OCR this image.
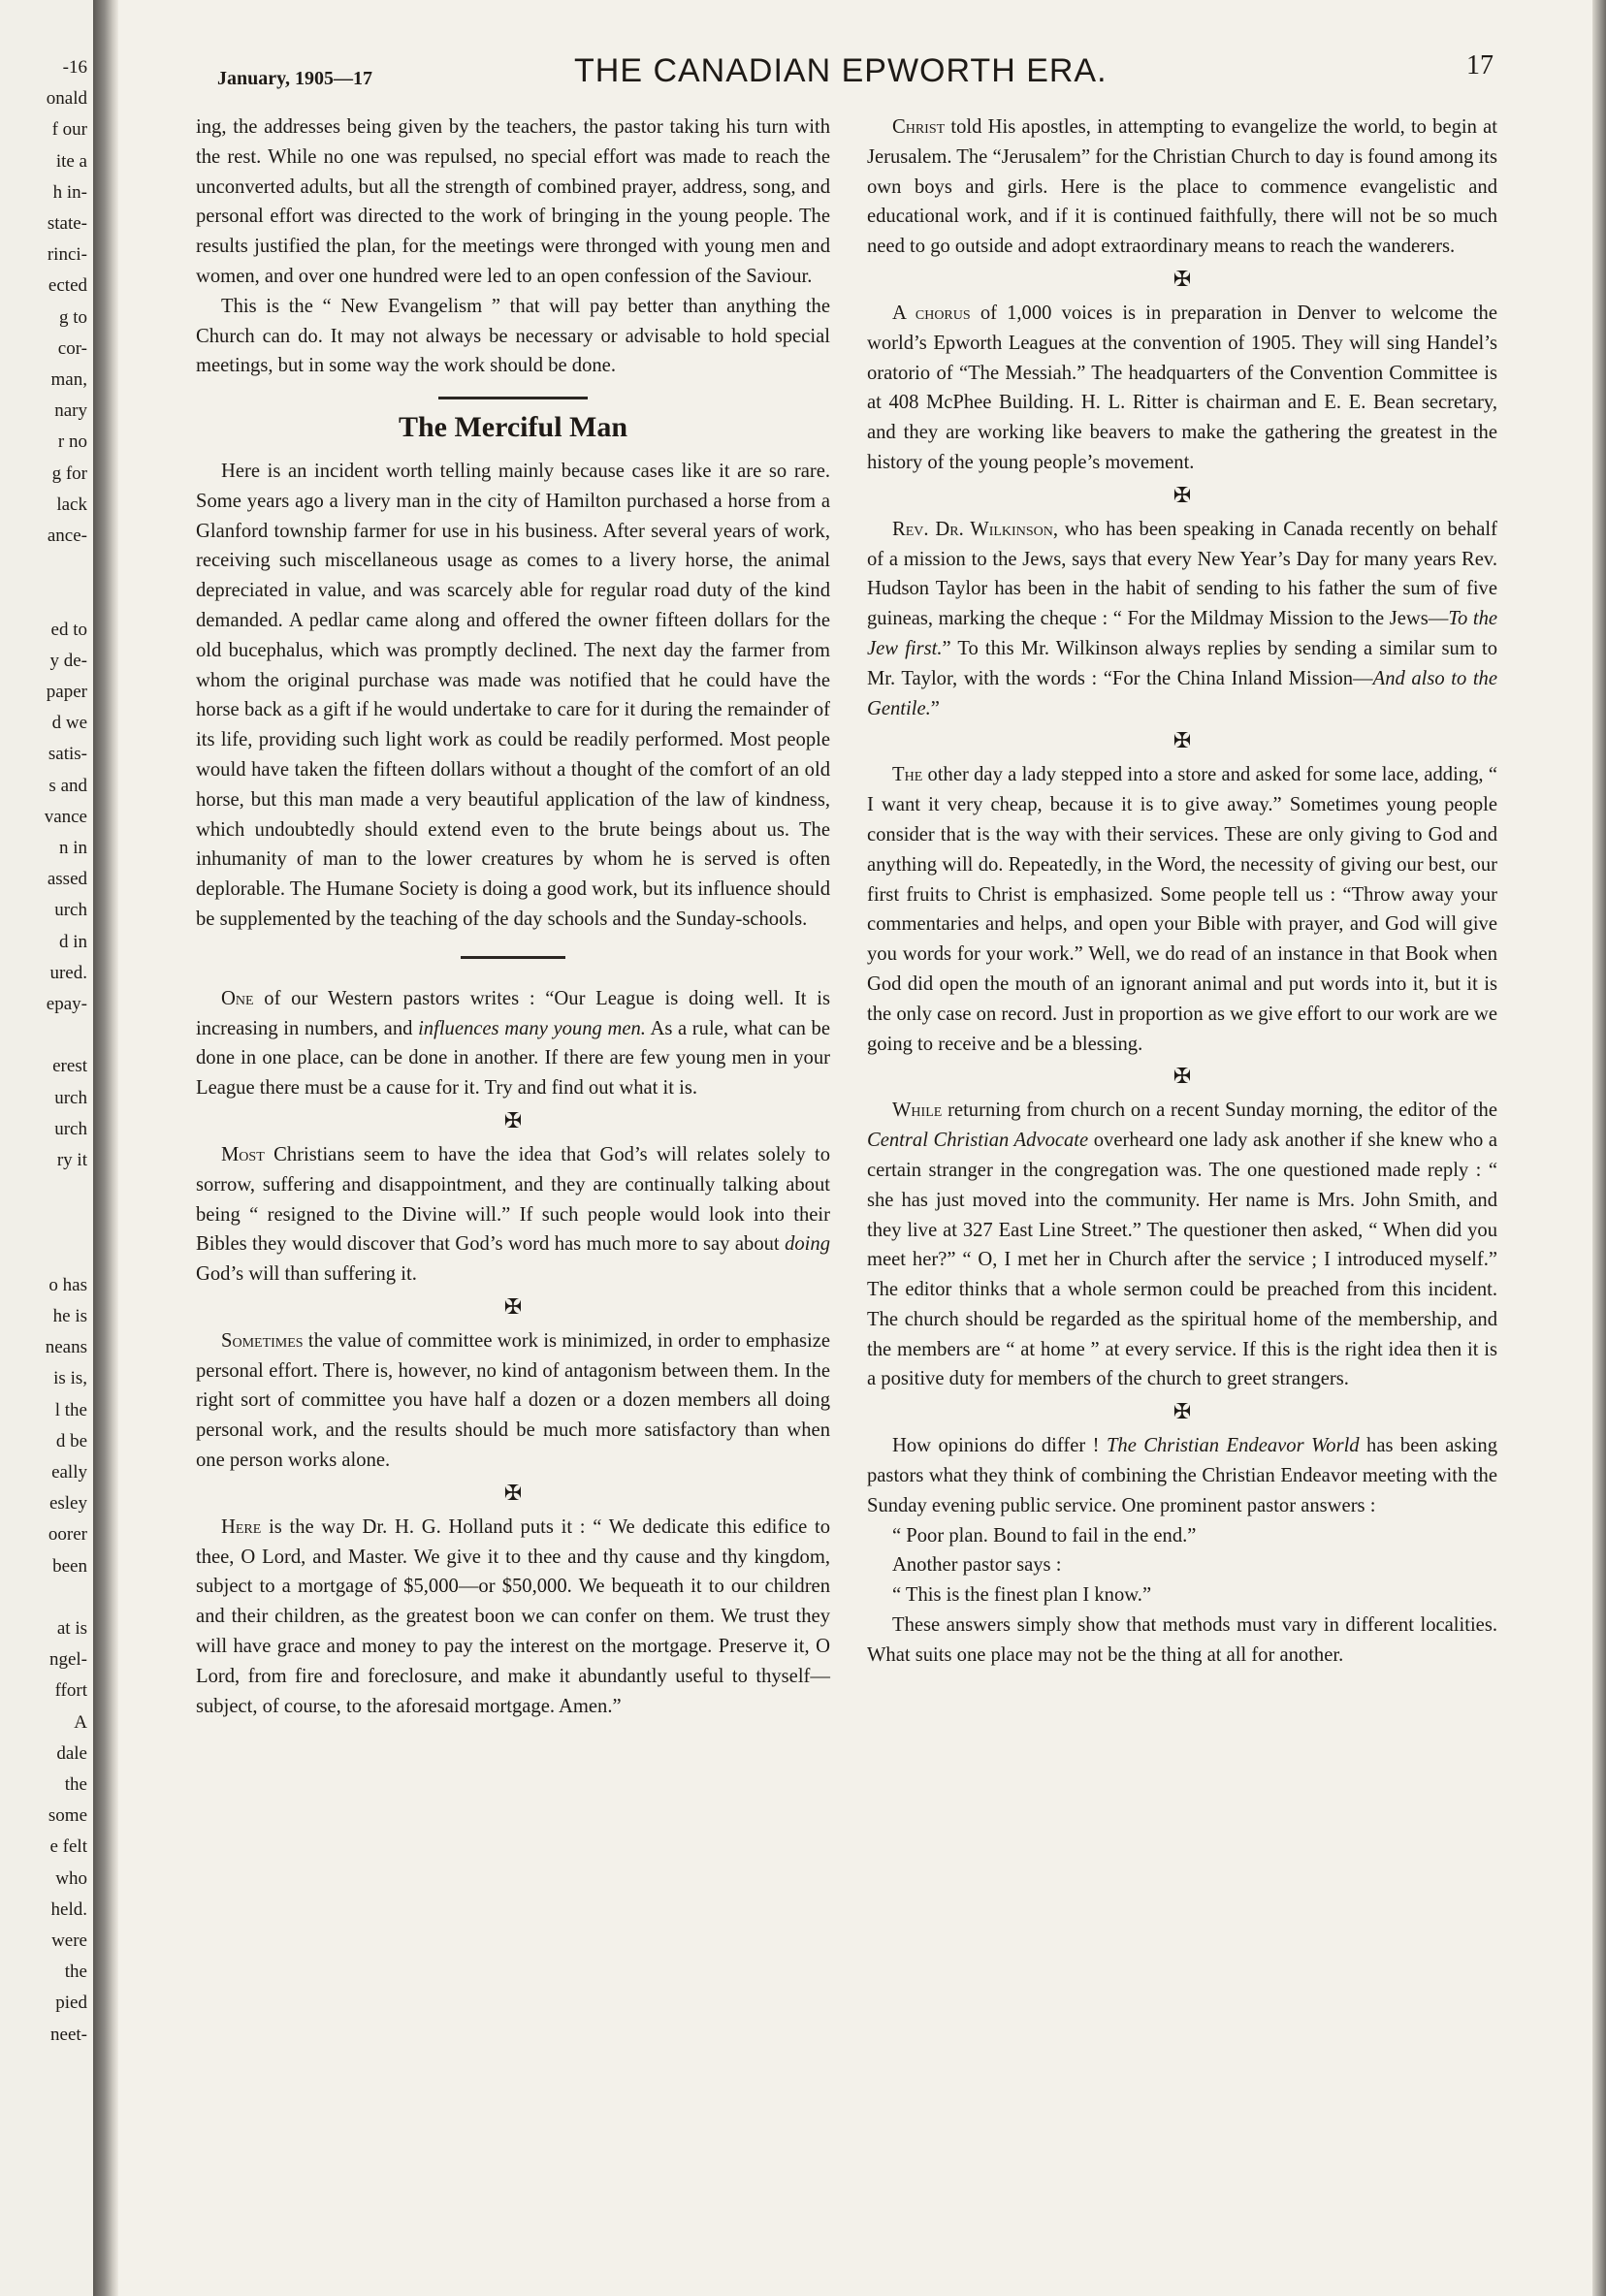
-16
onald
f our
ite a
h in-
state-
rinci-
ected
g to
cor-
man,
nary
r no
g for
lack
ance-
ed to
y de-
paper
d we
satis-
s and
vance
n in
assed
urch
d in
ured.
epay-
erest
urch
urch
ry it
o has
he is
neans
is is,
l the
d be
eally
esley
oorer
been
at is
ngel-
ffort
A
dale
the
some
e felt
who
held.
were
the
pied
neet-
January, 1905—17	THE CANADIAN EPWORTH ERA.	17

ing, the addresses being given by the teachers, the pastor taking his turn with the rest. While no one was repulsed, no special effort was made to reach the unconverted adults, but all the strength of combined prayer, address, song, and personal effort was directed to the work of bringing in the young people. The results justified the plan, for the meetings were thronged with young men and women, and over one hundred were led to an open confession of the Saviour.

This is the “ New Evangelism ” that will pay better than anything the Church can do. It may not always be necessary or advisable to hold special meetings, but in some way the work should be done.

The Merciful Man

Here is an incident worth telling mainly because cases like it are so rare. Some years ago a livery man in the city of Hamilton purchased a horse from a Glanford township farmer for use in his business. After several years of work, receiving such miscellaneous usage as comes to a livery horse, the animal depreciated in value, and was scarcely able for regular road duty of the kind demanded. A pedlar came along and offered the owner fifteen dollars for the old bucephalus, which was promptly declined. The next day the farmer from whom the original purchase was made was notified that he could have the horse back as a gift if he would undertake to care for it during the remainder of its life, providing such light work as could be readily performed. Most people would have taken the fifteen dollars without a thought of the comfort of an old horse, but this man made a very beautiful application of the law of kindness, which undoubtedly should extend even to the brute beings about us. The inhumanity of man to the lower creatures by whom he is served is often deplorable. The Humane Society is doing a good work, but its influence should be supplemented by the teaching of the day schools and the Sunday-schools.

One of our Western pastors writes : “Our League is doing well. It is increasing in numbers, and influences many young men. As a rule, what can be done in one place, can be done in another. If there are few young men in your League there must be a cause for it. Try and find out what it is.

✠

Most Christians seem to have the idea that God’s will relates solely to sorrow, suffering and disappointment, and they are continually talking about being “ resigned to the Divine will.” If such people would look into their Bibles they would discover that God’s word has much more to say about doing God’s will than suffering it.

✠

Sometimes the value of committee work is minimized, in order to emphasize personal effort. There is, however, no kind of antagonism between them. In the right sort of committee you have half a dozen or a dozen members all doing personal work, and the results should be much more satisfactory than when one person works alone.

✠

Here is the way Dr. H. G. Holland puts it : “ We dedicate this edifice to thee, O Lord, and Master. We give it to thee and thy cause and thy kingdom, subject to a mortgage of $5,000—or $50,000. We bequeath it to our children and their children, as the greatest boon we can confer on them. We trust they will have grace and money to pay the interest on the mortgage. Preserve it, O Lord, from fire and foreclosure, and make it abundantly useful to thyself—subject, of course, to the aforesaid mortgage. Amen.”

Christ told His apostles, in attempting to evangelize the world, to begin at Jerusalem. The “Jerusalem” for the Christian Church to day is found among its own boys and girls. Here is the place to commence evangelistic and educational work, and if it is continued faithfully, there will not be so much need to go outside and adopt extraordinary means to reach the wanderers.

✠

A chorus of 1,000 voices is in preparation in Denver to welcome the world’s Epworth Leagues at the convention of 1905. They will sing Handel’s oratorio of “The Messiah.” The headquarters of the Convention Committee is at 408 McPhee Building. H. L. Ritter is chairman and E. E. Bean secretary, and they are working like beavers to make the gathering the greatest in the history of the young people’s movement.

✠

Rev. Dr. Wilkinson, who has been speaking in Canada recently on behalf of a mission to the Jews, says that every New Year’s Day for many years Rev. Hudson Taylor has been in the habit of sending to his father the sum of five guineas, marking the cheque : “ For the Mildmay Mission to the Jews—To the Jew first.” To this Mr. Wilkinson always replies by sending a similar sum to Mr. Taylor, with the words : “For the China Inland Mission—And also to the Gentile.”

✠

The other day a lady stepped into a store and asked for some lace, adding, “ I want it very cheap, because it is to give away.” Sometimes young people consider that is the way with their services. These are only giving to God and anything will do. Repeatedly, in the Word, the necessity of giving our best, our first fruits to Christ is emphasized. Some people tell us : “Throw away your commentaries and helps, and open your Bible with prayer, and God will give you words for your work.” Well, we do read of an instance in that Book when God did open the mouth of an ignorant animal and put words into it, but it is the only case on record. Just in proportion as we give effort to our work are we going to receive and be a blessing.

✠

While returning from church on a recent Sunday morning, the editor of the Central Christian Advocate overheard one lady ask another if she knew who a certain stranger in the congregation was. The one questioned made reply : “ she has just moved into the community. Her name is Mrs. John Smith, and they live at 327 East Line Street.” The questioner then asked, “ When did you meet her?” “ O, I met her in Church after the service ; I introduced myself.” The editor thinks that a whole sermon could be preached from this incident. The church should be regarded as the spiritual home of the membership, and the members are “ at home ” at every service. If this is the right idea then it is a positive duty for members of the church to greet strangers.

✠

How opinions do differ ! The Christian Endeavor World has been asking pastors what they think of combining the Christian Endeavor meeting with the Sunday evening public service. One prominent pastor answers :

“ Poor plan. Bound to fail in the end.”

Another pastor says :

“ This is the finest plan I know.”

These answers simply show that methods must vary in different localities. What suits one place may not be the thing at all for another.
